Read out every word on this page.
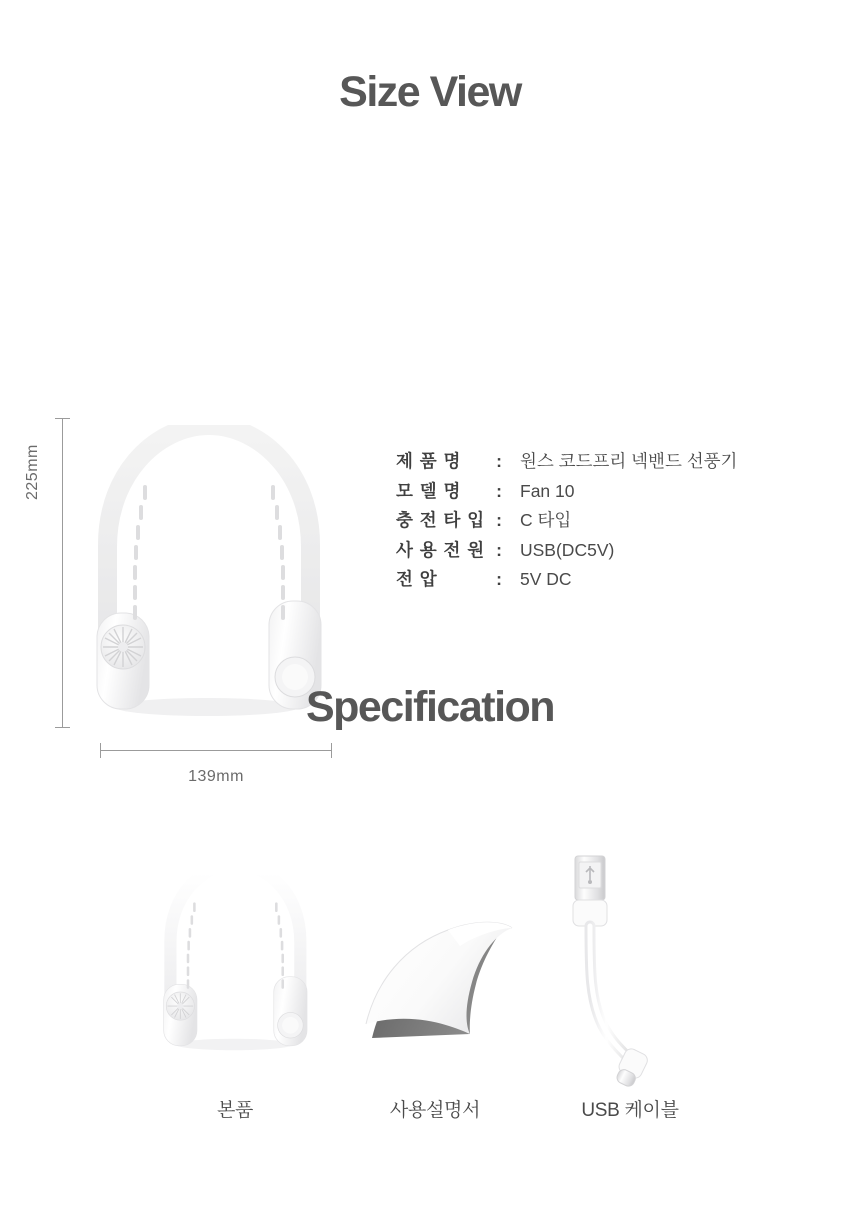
Size View
225mm
139mm
제 품 명 : 원스 코드프리 넥밴드 선풍기
모 델 명 : Fan 10
충 전 타 입 : C 타입
사 용 전 원 : USB(DC5V)
전 압	: 5V DC
Specification
본품	사용설명서	USB 케이블
